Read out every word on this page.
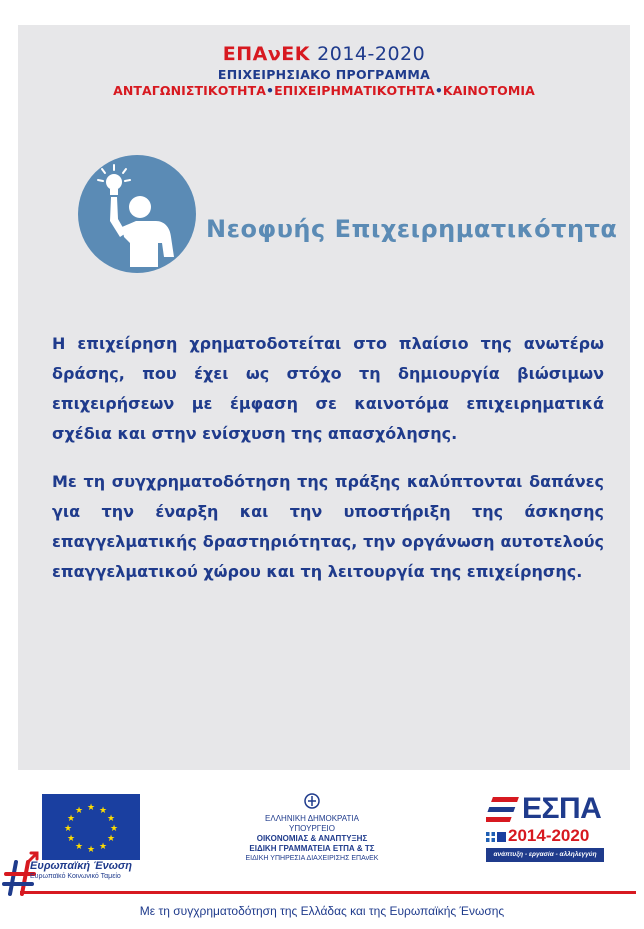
ΕΠΑνΕΚ 2014-2020
ΕΠΙΧΕΙΡΗΣΙΑΚΟ ΠΡΟΓΡΑΜΜΑ
ΑΝΤΑΓΩΝΙΣΤΙΚΟΤΗΤΑ•ΕΠΙΧΕΙΡΗΜΑΤΙΚΟΤΗΤΑ•ΚΑΙΝΟΤΟΜΙΑ
Νεοφυής Επιχειρηματικότητα

Η επιχείρηση χρηματοδοτείται στο πλαίσιο της ανωτέρω δράσης, που έχει ως στόχο τη δημιουργία βιώσιμων επιχειρήσεων με έμφαση σε καινοτόμα επιχειρηματικά σχέδια και στην ενίσχυση της απασχόλησης.

Με τη συγχρηματοδότηση της πράξης καλύπτονται δαπάνες για την έναρξη και την υποστήριξη της άσκησης επαγγελματικής δραστηριότητας, την οργάνωση αυτοτελούς επαγγελματικού χώρου και τη λειτουργία της επιχείρησης.

★ ★
★
★
★
★
★
★
★
★
★
★
Ευρωπαϊκή Ένωση
Ευρωπαϊκό Κοινωνικό Ταμείο
ΕΛΛΗΝΙΚΗ ΔΗΜΟΚΡΑΤΙΑ
ΥΠΟΥΡΓΕΙΟ
ΟΙΚΟΝΟΜΙΑΣ & ΑΝΑΠΤΥΞΗΣ
ΕΙΔΙΚΗ ΓΡΑΜΜΑΤΕΙΑ ΕΤΠΑ & ΤΣ
ΕΙΔΙΚΗ ΥΠΗΡΕΣΙΑ ΔΙΑΧΕΙΡΙΣΗΣ ΕΠΑνΕΚ
ΕΣΠΑ
2014-2020
ανάπτυξη - εργασία - αλληλεγγύη
Με τη συγχρηματοδότηση της Ελλάδας και της Ευρωπαϊκής Ένωσης
